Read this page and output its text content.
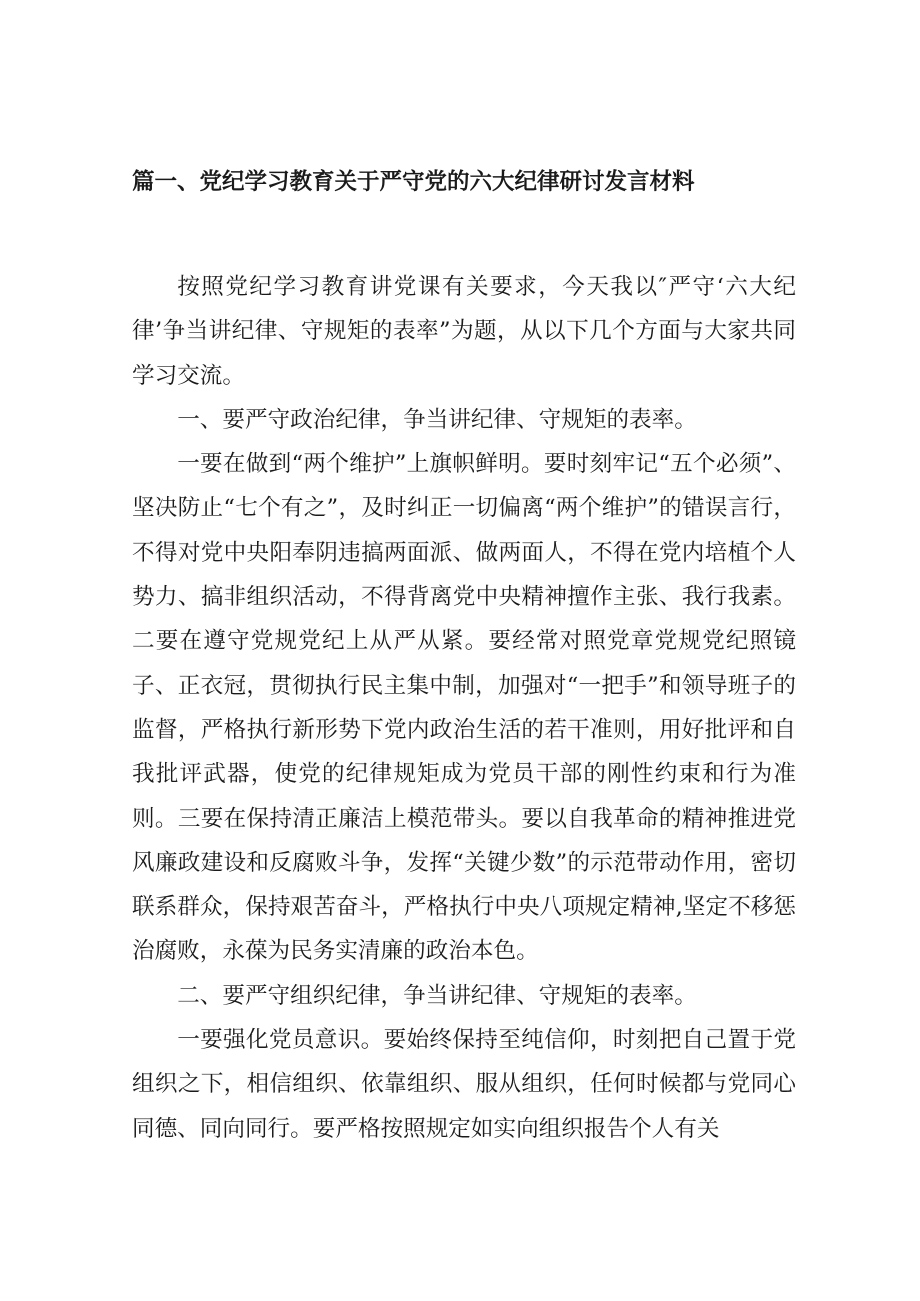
篇一、党纪学习教育关于严守党的六大纪律研讨发言材料

按照党纪学习教育讲党课有关要求，今天我以″严守‘六大纪律’争当讲纪律、守规矩的表率”为题，从以下几个方面与大家共同学习交流。

一、要严守政治纪律，争当讲纪律、守规矩的表率。

一要在做到“两个维护”上旗帜鲜明。要时刻牢记“五个必须”、坚决防止“七个有之”，及时纠正一切偏离“两个维护”的错误言行，不得对党中央阳奉阴违搞两面派、做两面人，不得在党内培植个人势力、搞非组织活动，不得背离党中央精神擅作主张、我行我素。二要在遵守党规党纪上从严从紧。要经常对照党章党规党纪照镜子、正衣冠，贯彻执行民主集中制，加强对“一把手”和领导班子的监督，严格执行新形势下党内政治生活的若干准则，用好批评和自我批评武器，使党的纪律规矩成为党员干部的刚性约束和行为准则。三要在保持清正廉洁上模范带头。要以自我革命的精神推进党风廉政建设和反腐败斗争，发挥“关键少数”的示范带动作用，密切联系群众，保持艰苦奋斗，严格执行中央八项规定精神,坚定不移惩治腐败，永葆为民务实清廉的政治本色。

二、要严守组织纪律，争当讲纪律、守规矩的表率。

一要强化党员意识。要始终保持至纯信仰，时刻把自己置于党组织之下，相信组织、依靠组织、服从组织，任何时候都与党同心同德、同向同行。要严格按照规定如实向组织报告个人有关
